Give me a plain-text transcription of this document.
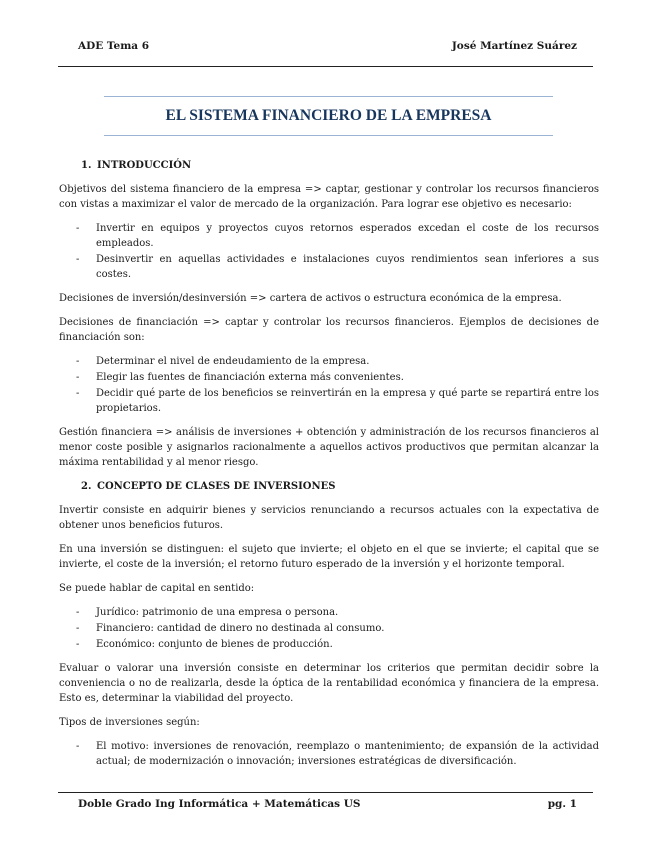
ADE Tema 6	José Martínez Suárez
EL SISTEMA FINANCIERO DE LA EMPRESA
1. INTRODUCCIÓN

Objetivos del sistema financiero de la empresa => captar, gestionar y controlar los recursos financieros con vistas a maximizar el valor de mercado de la organización. Para lograr ese objetivo es necesario:

- Invertir en equipos y proyectos cuyos retornos esperados excedan el coste de los recursos empleados.
- Desinvertir en aquellas actividades e instalaciones cuyos rendimientos sean inferiores a sus costes.

Decisiones de inversión/desinversión => cartera de activos o estructura económica de la empresa.

Decisiones de financiación => captar y controlar los recursos financieros. Ejemplos de decisiones de financiación son:

- Determinar el nivel de endeudamiento de la empresa.
- Elegir las fuentes de financiación externa más convenientes.
- Decidir qué parte de los beneficios se reinvertirán en la empresa y qué parte se repartirá entre los propietarios.

Gestión financiera => análisis de inversiones + obtención y administración de los recursos financieros al menor coste posible y asignarlos racionalmente a aquellos activos productivos que permitan alcanzar la máxima rentabilidad y al menor riesgo.

2. CONCEPTO DE CLASES DE INVERSIONES

Invertir consiste en adquirir bienes y servicios renunciando a recursos actuales con la expectativa de obtener unos beneficios futuros.

En una inversión se distinguen: el sujeto que invierte; el objeto en el que se invierte; el capital que se invierte, el coste de la inversión; el retorno futuro esperado de la inversión y el horizonte temporal.

Se puede hablar de capital en sentido:

- Jurídico: patrimonio de una empresa o persona.
- Financiero: cantidad de dinero no destinada al consumo.
- Económico: conjunto de bienes de producción.

Evaluar o valorar una inversión consiste en determinar los criterios que permitan decidir sobre la conveniencia o no de realizarla, desde la óptica de la rentabilidad económica y financiera de la empresa. Esto es, determinar la viabilidad del proyecto.

Tipos de inversiones según:

- El motivo: inversiones de renovación, reemplazo o mantenimiento; de expansión de la actividad actual; de modernización o innovación; inversiones estratégicas de diversificación.
Doble Grado Ing Informática + Matemáticas US	pg. 1
